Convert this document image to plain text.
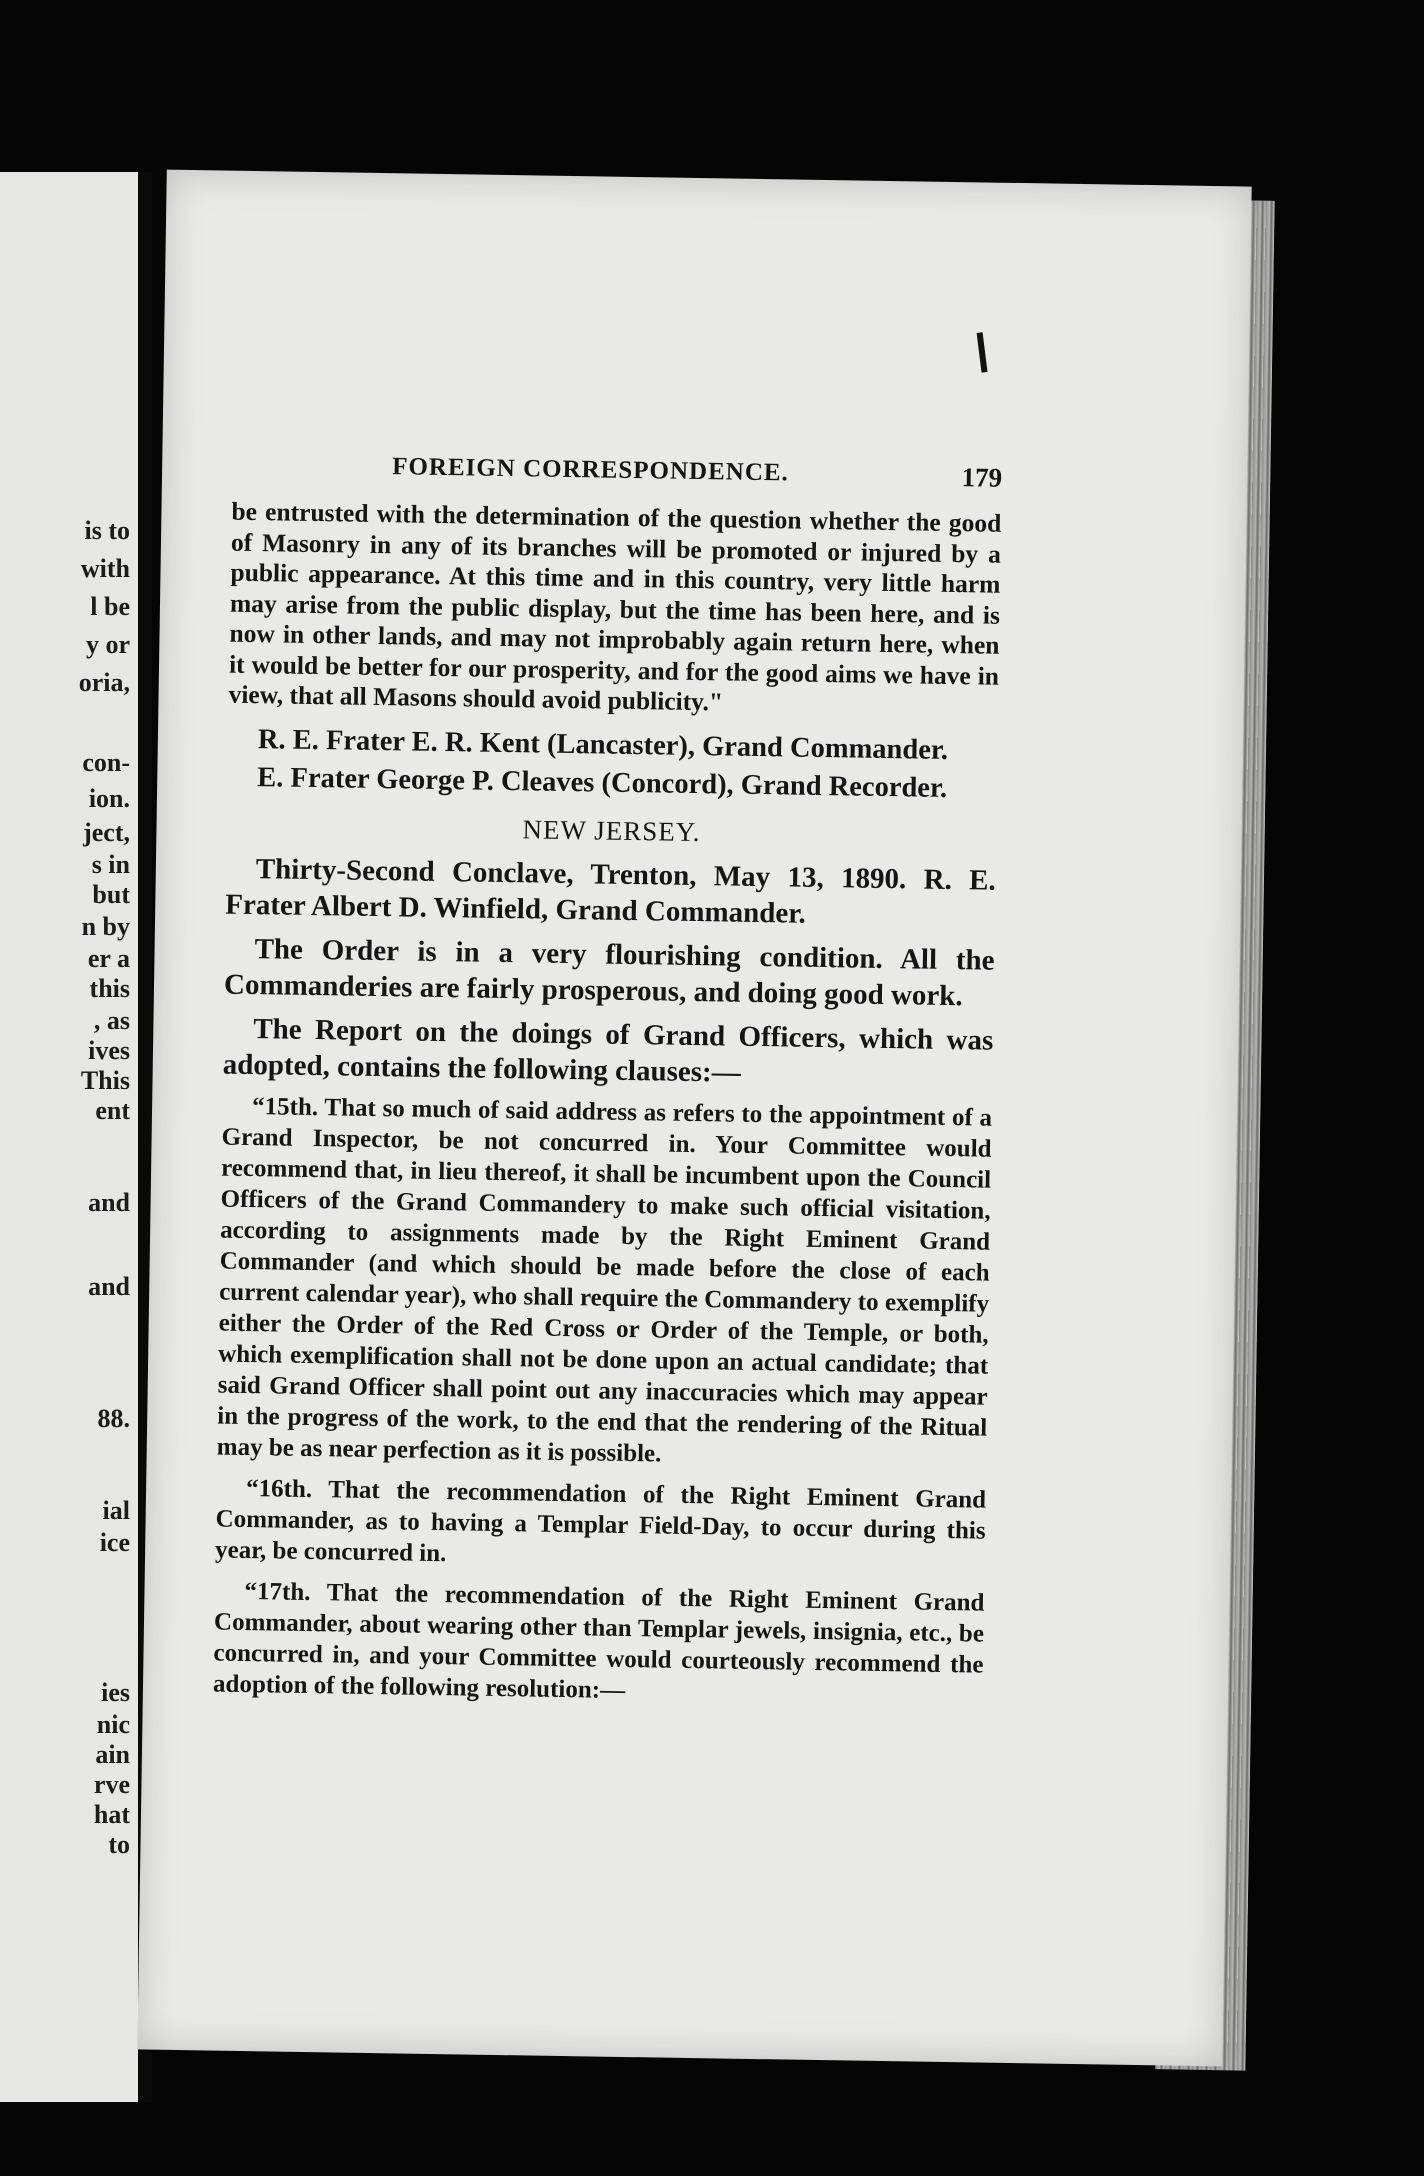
is to
with
l be
y or
oria,
con-
ion.
ject,
s in
but
n by
er a
this
, as
ives
This
ent
and
and
88.
ial
ice
ies
nic
ain
rve
hat
to
FOREIGN CORRESPONDENCE.	179

be entrusted with the determination of the question whether the good of Masonry in any of its branches will be promoted or injured by a public appearance. At this time and in this country, very little harm may arise from the public display, but the time has been here, and is now in other lands, and may not improbably again return here, when it would be better for our prosperity, and for the good aims we have in view, that all Masons should avoid publicity."

R. E. Frater E. R. Kent (Lancaster), Grand Commander.

E. Frater George P. Cleaves (Concord), Grand Recorder.

NEW JERSEY.

Thirty-Second Conclave, Trenton, May 13, 1890. R. E. Frater Albert D. Winfield, Grand Commander.

The Order is in a very flourishing condition. All the Commanderies are fairly prosperous, and doing good work.

The Report on the doings of Grand Officers, which was adopted, contains the following clauses:—

“15th. That so much of said address as refers to the appointment of a Grand Inspector, be not concurred in. Your Committee would recommend that, in lieu thereof, it shall be incumbent upon the Council Officers of the Grand Commandery to make such official visitation, according to assignments made by the Right Eminent Grand Commander (and which should be made before the close of each current calendar year), who shall require the Commandery to exemplify either the Order of the Red Cross or Order of the Temple, or both, which exemplification shall not be done upon an actual candidate; that said Grand Officer shall point out any inaccuracies which may appear in the progress of the work, to the end that the rendering of the Ritual may be as near perfection as it is possible.

“16th. That the recommendation of the Right Eminent Grand Commander, as to having a Templar Field-Day, to occur during this year, be concurred in.

“17th. That the recommendation of the Right Eminent Grand Commander, about wearing other than Templar jewels, insignia, etc., be concurred in, and your Committee would courteously recommend the adoption of the following resolution:—
